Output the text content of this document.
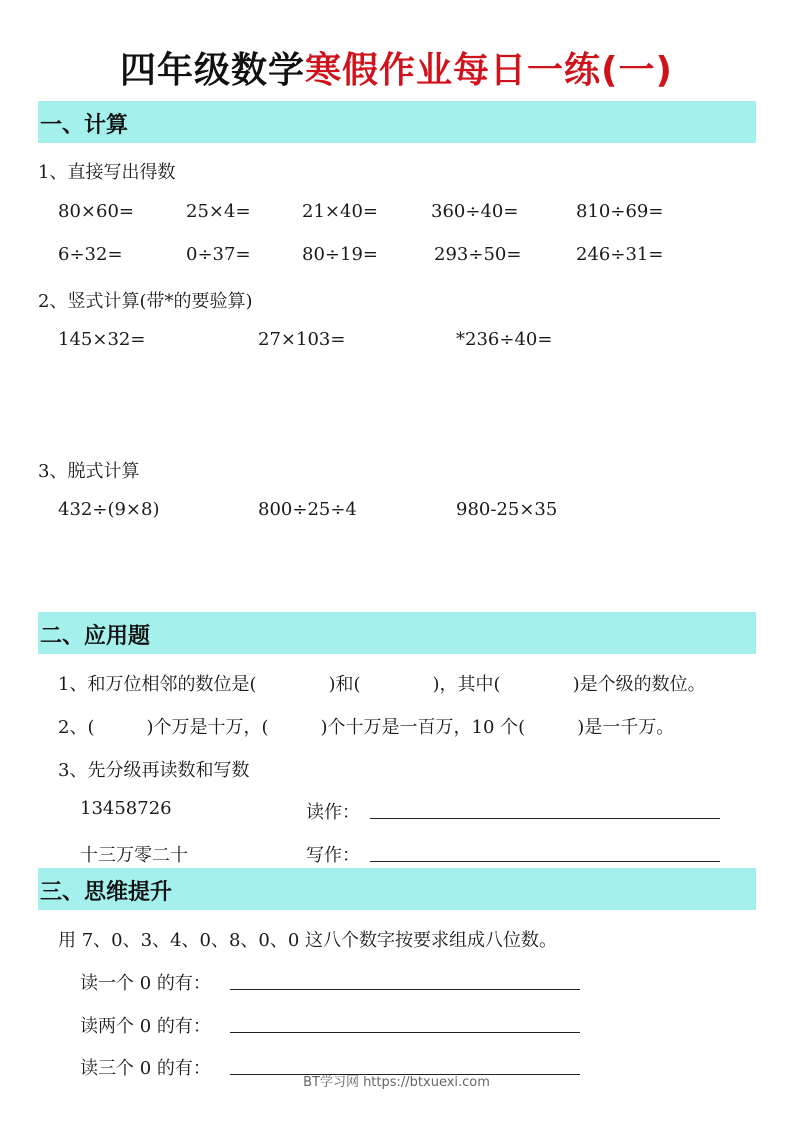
四年级数学寒假作业每日一练(一)
一、计算
1、直接写出得数
80×60=	25×4=	21×40=	360÷40=	810÷69=
6÷32=	0÷37=	80÷19=	293÷50=	246÷31=
2、竖式计算(带*的要验算)
145×32=	27×103=	*236÷40=
3、脱式计算
432÷(9×8)	800÷25÷4	980-25×35
二、应用题
1、和万位相邻的数位是(	)和(	)，其中(	)是个级的数位。
2、(	)个万是十万，(	)个十万是一百万，10 个(	)是一千万。
3、先分级再读数和写数
13458726	读作：
十三万零二十	写作：
三、思维提升
用 7、0、3、4、0、8、0、0 这八个数字按要求组成八位数。
读一个 0 的有：
读两个 0 的有：
读三个 0 的有：
BT学习网 https://btxuexi.com
